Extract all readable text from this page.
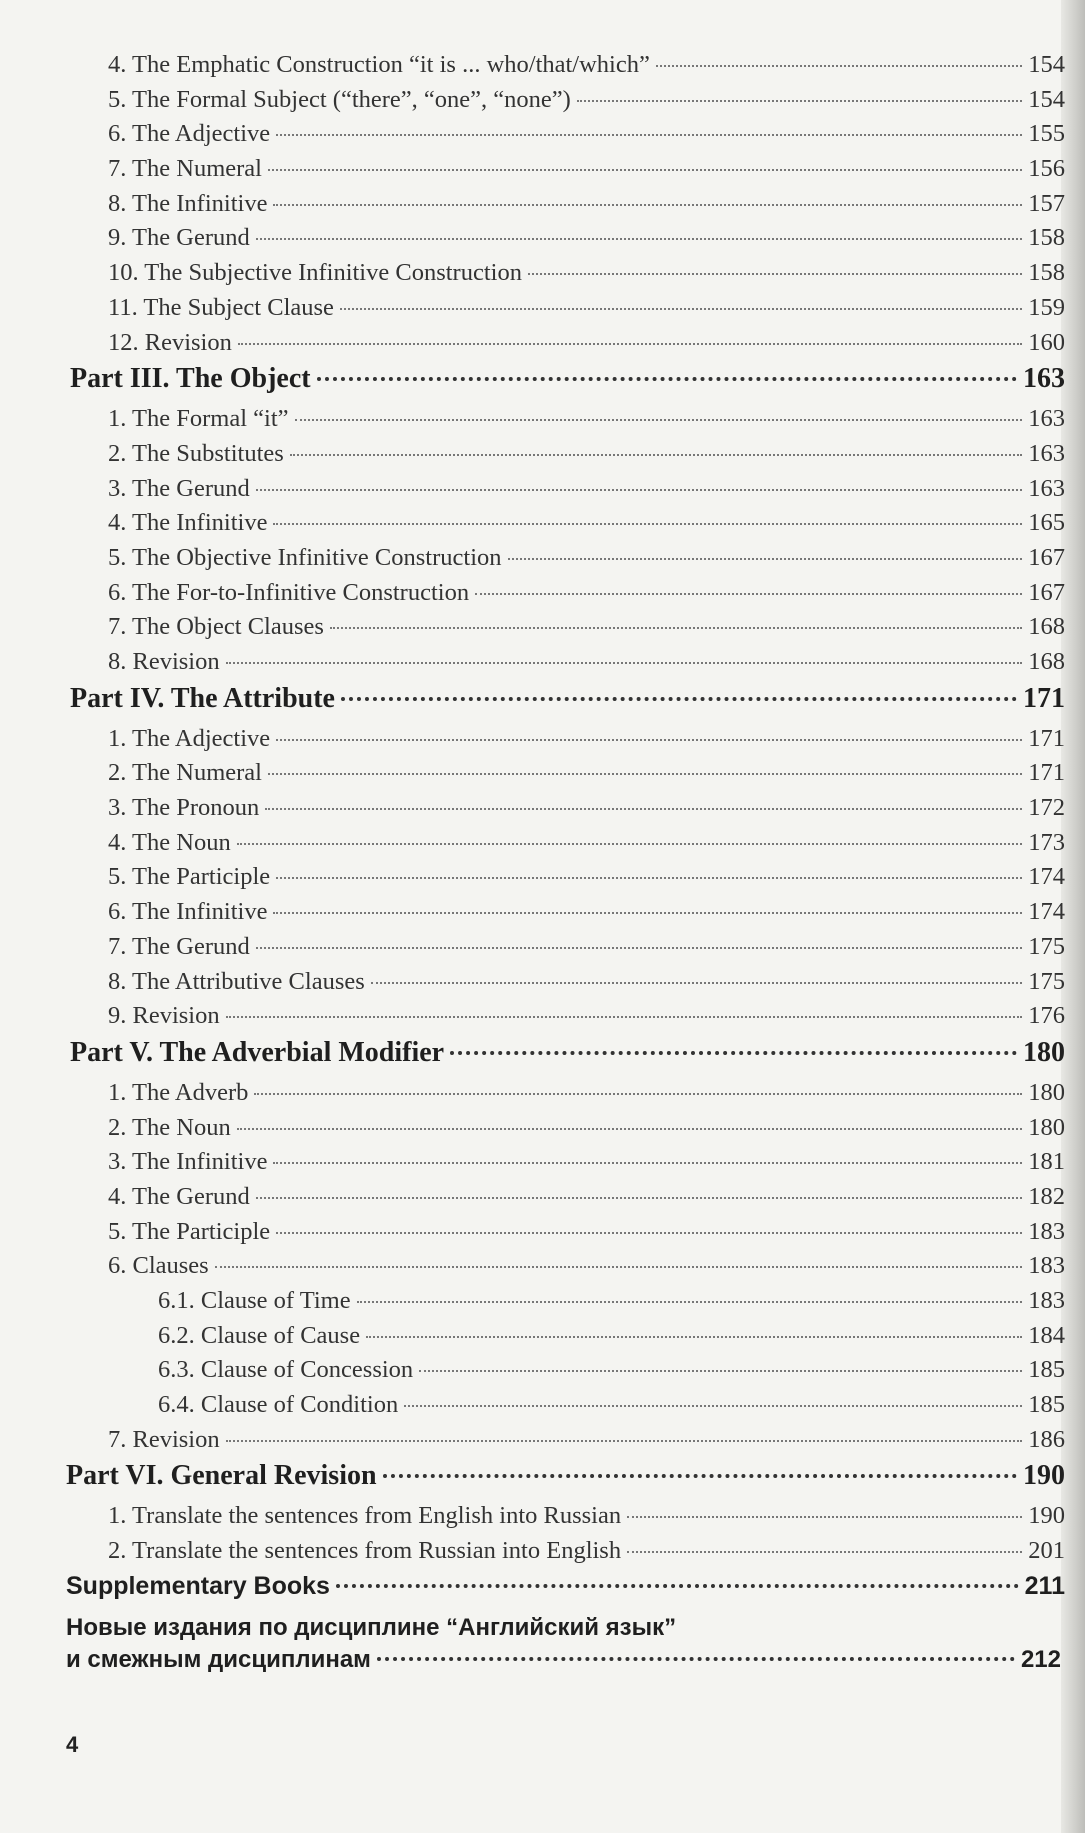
4. The Emphatic Construction “it is ... who/that/which”	154
5. The Formal Subject (“there”, “one”, “none”)	154
6. The Adjective	155
7. The Numeral	156
8. The Infinitive	157
9. The Gerund	158
10. The Subjective Infinitive Construction	158
11. The Subject Clause	159
12. Revision	160
Part III. The Object	163
1. The Formal “it”	163
2. The Substitutes	163
3. The Gerund	163
4. The Infinitive	165
5. The Objective Infinitive Construction	167
6. The For-to-Infinitive Construction	167
7. The Object Clauses	168
8. Revision	168
Part IV. The Attribute	171
1. The Adjective	171
2. The Numeral	171
3. The Pronoun	172
4. The Noun	173
5. The Participle	174
6. The Infinitive	174
7. The Gerund	175
8. The Attributive Clauses	175
9. Revision	176
Part V. The Adverbial Modifier	180
1. The Adverb	180
2. The Noun	180
3. The Infinitive	181
4. The Gerund	182
5. The Participle	183
6. Clauses	183
6.1. Clause of Time	183
6.2. Clause of Cause	184
6.3. Clause of Concession	185
6.4. Clause of Condition	185
7. Revision	186
Part VI. General Revision	190
1. Translate the sentences from English into Russian	190
2. Translate the sentences from Russian into English	201
Supplementary Books	211
Новые издания по дисциплине “Английский язык”
и смежным дисциплинам	212
4
